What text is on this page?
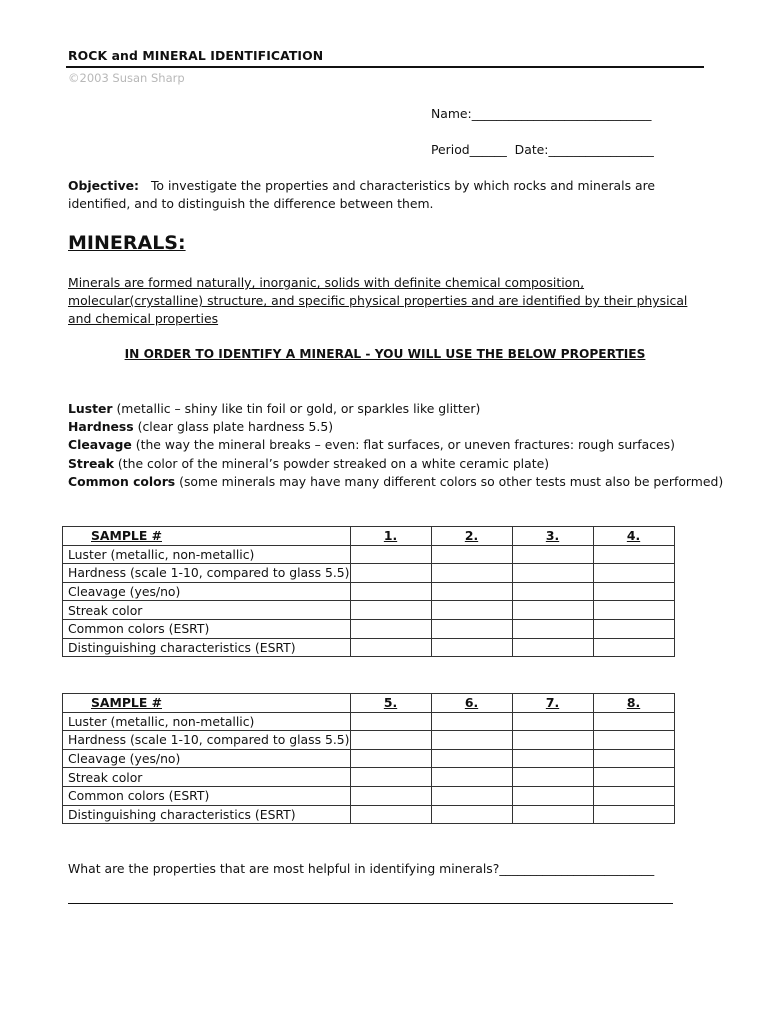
ROCK and MINERAL IDENTIFICATION
©2003 Susan Sharp
Name:_____________________________
Period______  Date:_________________
Objective: To investigate the properties and characteristics by which rocks and minerals are identified, and to distinguish the difference between them.
MINERALS:
Minerals are formed naturally, inorganic, solids with definite chemical composition, molecular(crystalline) structure, and specific physical properties and are identified by their physical and chemical properties
IN ORDER TO IDENTIFY A MINERAL - YOU WILL USE THE BELOW PROPERTIES
Luster (metallic – shiny like tin foil or gold, or sparkles like glitter)
Hardness (clear glass plate hardness 5.5)
Cleavage (the way the mineral breaks – even: flat surfaces, or uneven fractures: rough surfaces)
Streak (the color of the mineral’s powder streaked on a white ceramic plate)
Common colors (some minerals may have many different colors so other tests must also be performed)
SAMPLE #	1.	2.	3.	4.
Luster (metallic, non-metallic)				
Hardness (scale 1-10, compared to glass 5.5)				
Cleavage (yes/no)				
Streak color				
Common colors (ESRT)				
Distinguishing characteristics (ESRT)				
SAMPLE #	5.	6.	7.	8.
Luster (metallic, non-metallic)				
Hardness (scale 1-10, compared to glass 5.5)				
Cleavage (yes/no)				
Streak color				
Common colors (ESRT)				
Distinguishing characteristics (ESRT)				
What are the properties that are most helpful in identifying minerals?_________________________
